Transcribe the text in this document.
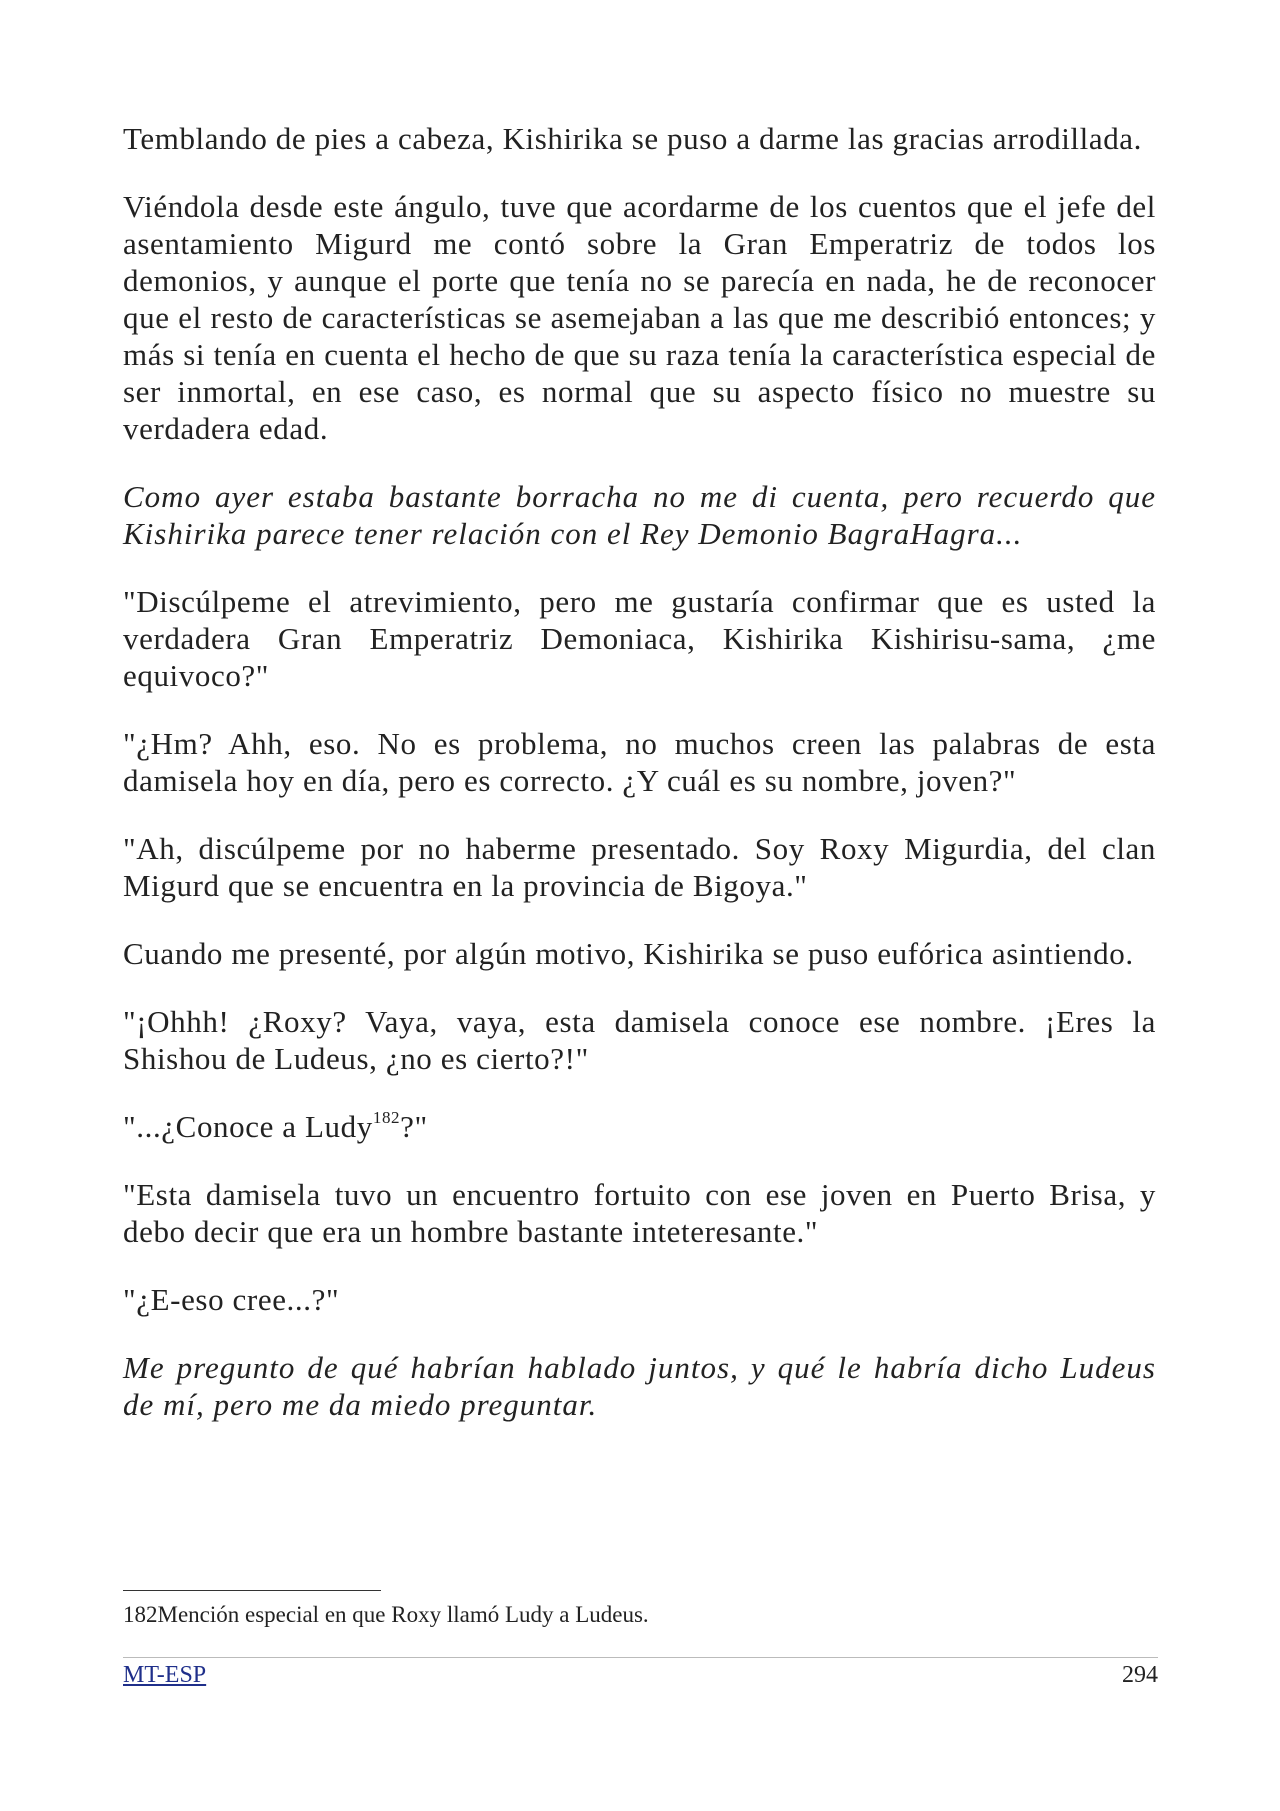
Temblando de pies a cabeza, Kishirika se puso a darme las gracias arrodillada.

Viéndola desde este ángulo, tuve que acordarme de los cuentos que el jefe del asentamiento Migurd me contó sobre la Gran Emperatriz de todos los demonios, y aunque el porte que tenía no se parecía en nada, he de reconocer que el resto de características se asemejaban a las que me describió entonces; y más si tenía en cuenta el hecho de que su raza tenía la característica especial de ser inmortal, en ese caso, es normal que su aspecto físico no muestre su verdadera edad.

Como ayer estaba bastante borracha no me di cuenta, pero recuerdo que Kishirika parece tener relación con el Rey Demonio BagraHagra...

"Discúlpeme el atrevimiento, pero me gustaría confirmar que es usted la verdadera Gran Emperatriz Demoniaca, Kishirika Kishirisu-sama, ¿me equivoco?"

"¿Hm? Ahh, eso. No es problema, no muchos creen las palabras de esta damisela hoy en día, pero es correcto. ¿Y cuál es su nombre, joven?"

"Ah, discúlpeme por no haberme presentado. Soy Roxy Migurdia, del clan Migurd que se encuentra en la provincia de Bigoya."

Cuando me presenté, por algún motivo, Kishirika se puso eufórica asintiendo.

"¡Ohhh! ¿Roxy? Vaya, vaya, esta damisela conoce ese nombre. ¡Eres la Shishou de Ludeus, ¿no es cierto?!"

"...¿Conoce a Ludy$^{182}$?"

"Esta damisela tuvo un encuentro fortuito con ese joven en Puerto Brisa, y debo decir que era un hombre bastante inteteresante."

"¿E-eso cree...?"

Me pregunto de qué habrían hablado juntos, y qué le habría dicho Ludeus de mí, pero me da miedo preguntar.

182Mención especial en que Roxy llamó Ludy a Ludeus.
MT-ESP	294
